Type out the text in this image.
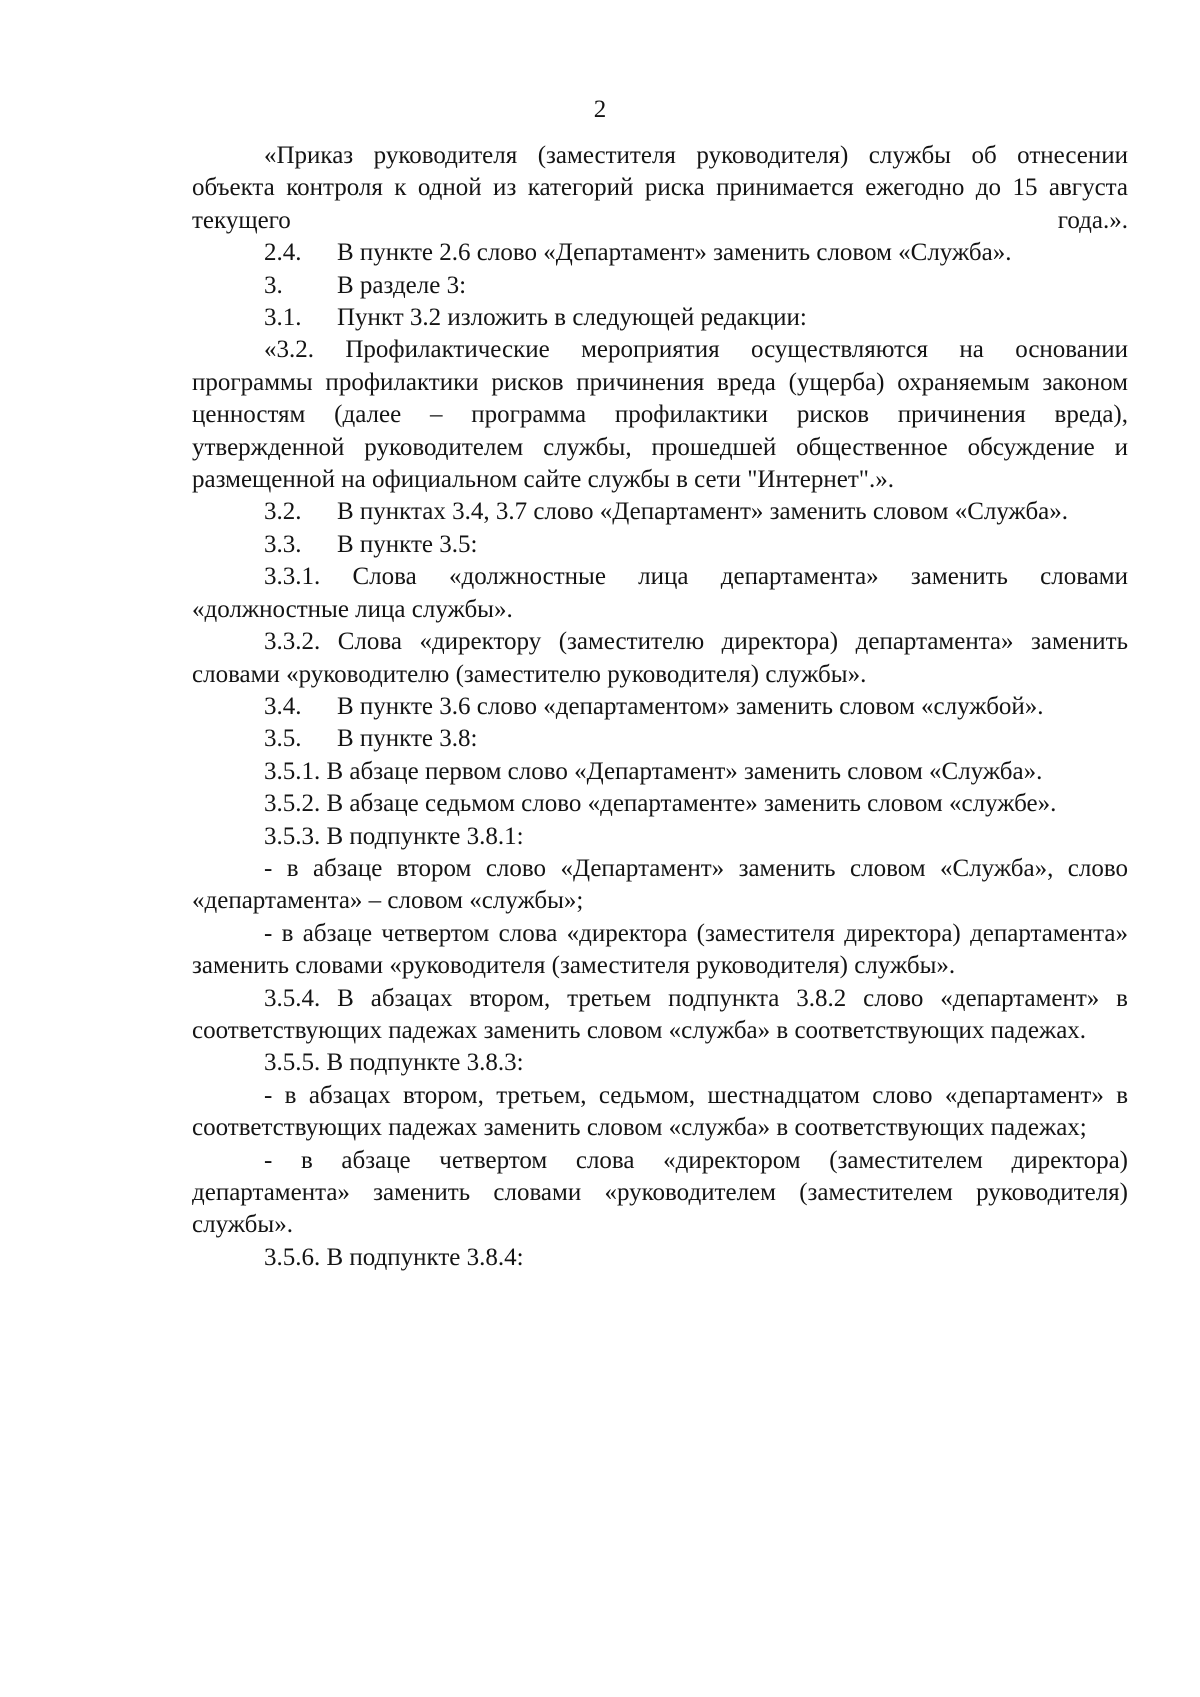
2

«Приказ руководителя (заместителя руководителя) службы об отнесении объекта контроля к одной из категорий риска принимается ежегодно до 15 августа текущего года.».

2.4. В пункте 2.6 слово «Департамент» заменить словом «Служба».

3. В разделе 3:

3.1. Пункт 3.2 изложить в следующей редакции:

«3.2. Профилактические мероприятия осуществляются на основании программы профилактики рисков причинения вреда (ущерба) охраняемым законом ценностям (далее – программа профилактики рисков причинения вреда), утвержденной руководителем службы, прошедшей общественное обсуждение и размещенной на официальном сайте службы в сети "Интернет".».

3.2. В пунктах 3.4, 3.7 слово «Департамент» заменить словом «Служба».

3.3. В пункте 3.5:

3.3.1. Слова «должностные лица департамента» заменить словами «должностные лица службы».

3.3.2. Слова «директору (заместителю директора) департамента» заменить словами «руководителю (заместителю руководителя) службы».

3.4. В пункте 3.6 слово «департаментом» заменить словом «службой».

3.5. В пункте 3.8:

3.5.1. В абзаце первом слово «Департамент» заменить словом «Служба».

3.5.2. В абзаце седьмом слово «департаменте» заменить словом «службе».

3.5.3. В подпункте 3.8.1:

- в абзаце втором слово «Департамент» заменить словом «Служба», слово «департамента» – словом «службы»;

- в абзаце четвертом слова «директора (заместителя директора) департамента» заменить словами «руководителя (заместителя руководителя) службы».

3.5.4. В абзацах втором, третьем подпункта 3.8.2 слово «департамент» в соответствующих падежах заменить словом «служба» в соответствующих падежах.

3.5.5. В подпункте 3.8.3:

- в абзацах втором, третьем, седьмом, шестнадцатом слово «департамент» в соответствующих падежах заменить словом «служба» в соответствующих падежах;

- в абзаце четвертом слова «директором (заместителем директора) департамента» заменить словами «руководителем (заместителем руководителя) службы».

3.5.6. В подпункте 3.8.4:
